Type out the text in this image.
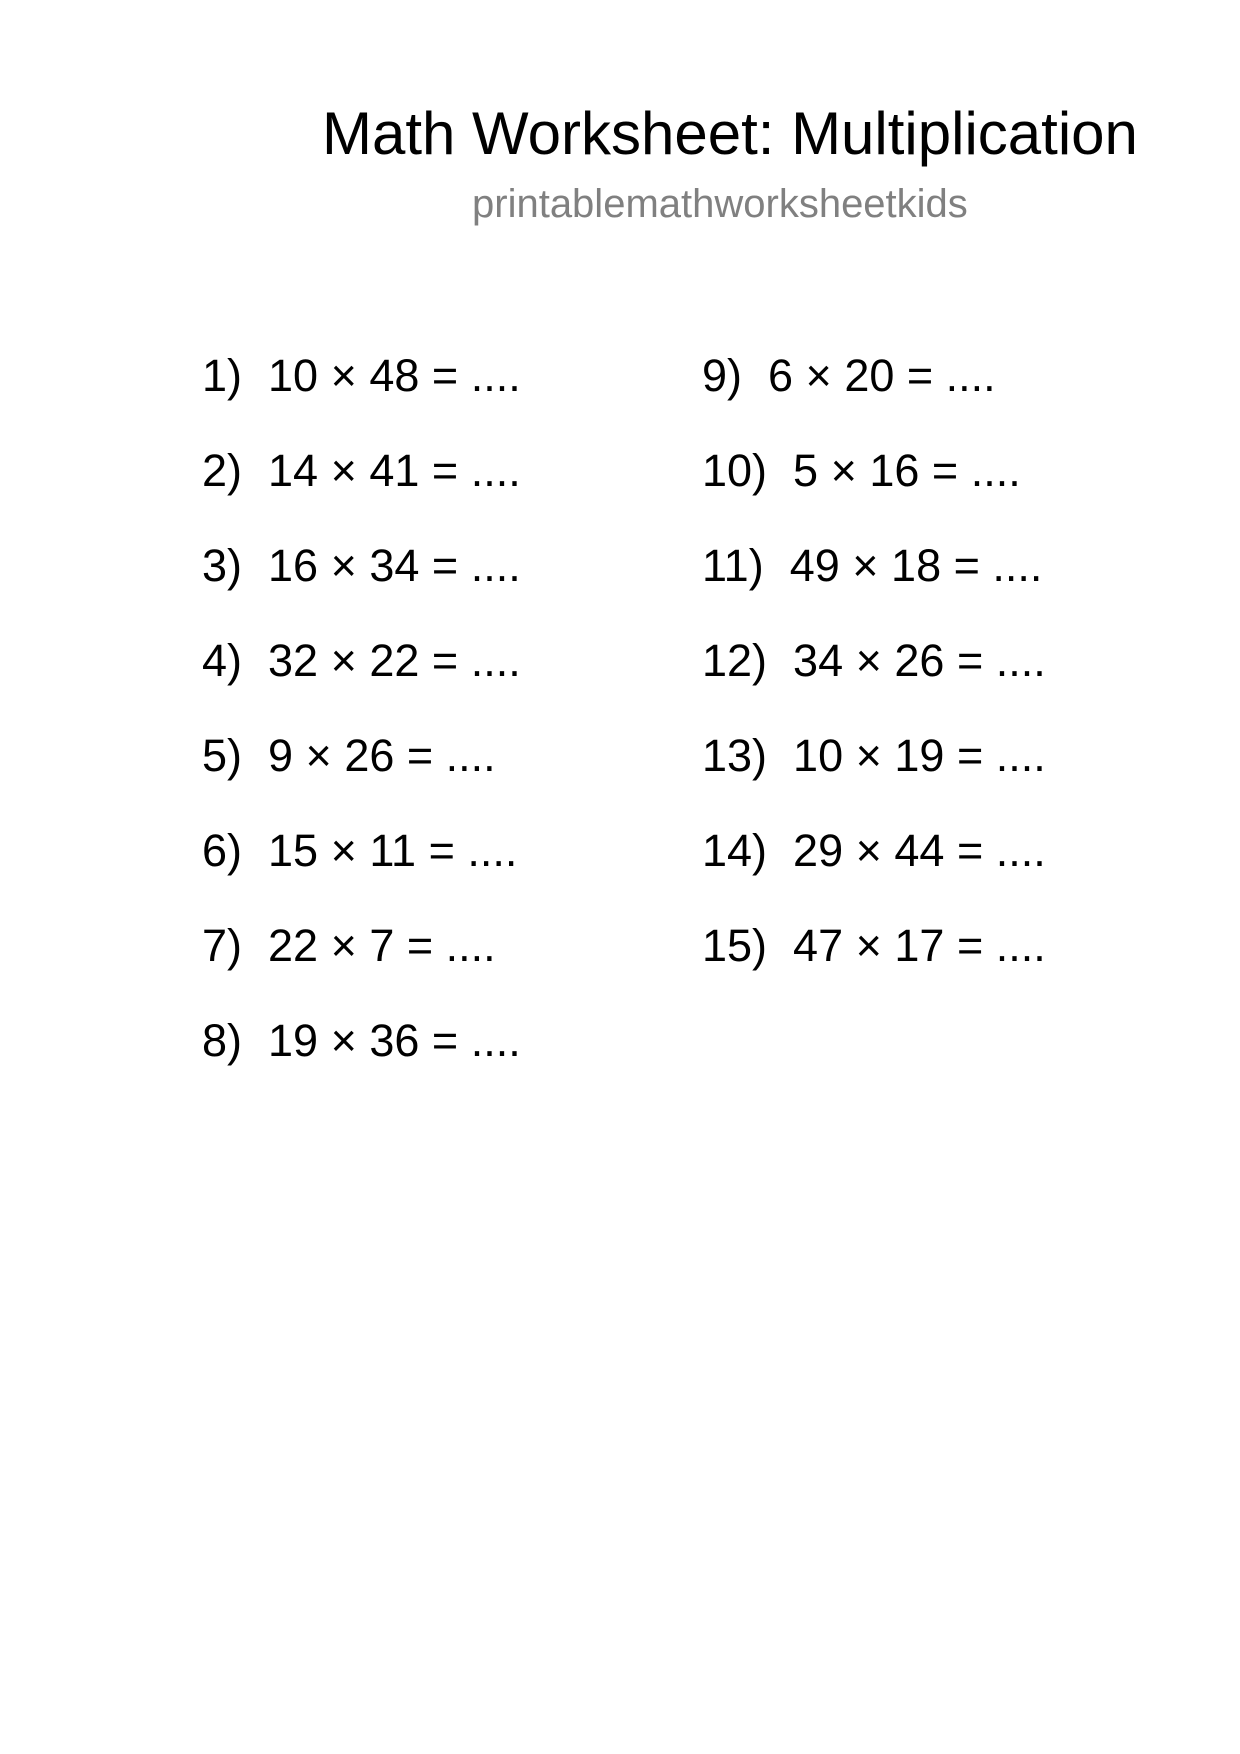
Math Worksheet: Multiplication
printablemathworksheetkids
1) 10 × 48 = ....
2) 14 × 41 = ....
3) 16 × 34 = ....
4) 32 × 22 = ....
5) 9 × 26 = ....
6) 15 × 11 = ....
7) 22 × 7 = ....
8) 19 × 36 = ....
9) 6 × 20 = ....
10) 5 × 16 = ....
11) 49 × 18 = ....
12) 34 × 26 = ....
13) 10 × 19 = ....
14) 29 × 44 = ....
15) 47 × 17 = ....
